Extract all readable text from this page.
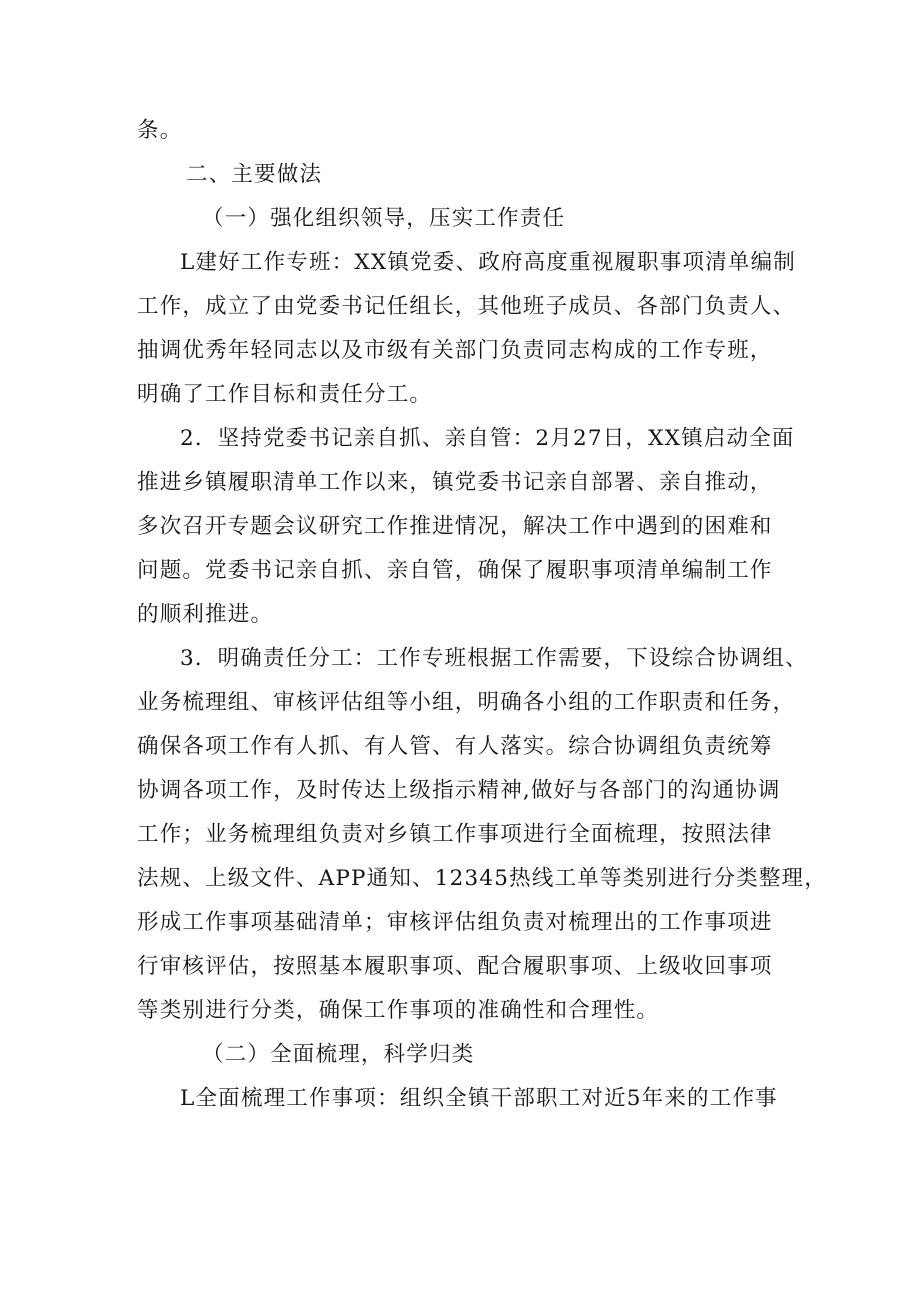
条。
二、主要做法
（一）强化组织领导，压实工作责任
L建好工作专班：XX镇党委、政府高度重视履职事项清单编制
工作，成立了由党委书记任组长，其他班子成员、各部门负责人、
抽调优秀年轻同志以及市级有关部门负责同志构成的工作专班，
明确了工作目标和责任分工。
2．坚持党委书记亲自抓、亲自管：2月27日，XX镇启动全面
推进乡镇履职清单工作以来，镇党委书记亲自部署、亲自推动，
多次召开专题会议研究工作推进情况，解决工作中遇到的困难和
问题。党委书记亲自抓、亲自管，确保了履职事项清单编制工作
的顺利推进。
3．明确责任分工：工作专班根据工作需要，下设综合协调组、
业务梳理组、审核评估组等小组，明确各小组的工作职责和任务，
确保各项工作有人抓、有人管、有人落实。综合协调组负责统筹
协调各项工作，及时传达上级指示精神,做好与各部门的沟通协调
工作；业务梳理组负责对乡镇工作事项进行全面梳理，按照法律
法规、上级文件、APP通知、12345热线工单等类别进行分类整理，
形成工作事项基础清单；审核评估组负责对梳理出的工作事项进
行审核评估，按照基本履职事项、配合履职事项、上级收回事项
等类别进行分类，确保工作事项的准确性和合理性。
（二）全面梳理，科学归类
L全面梳理工作事项：组织全镇干部职工对近5年来的工作事
